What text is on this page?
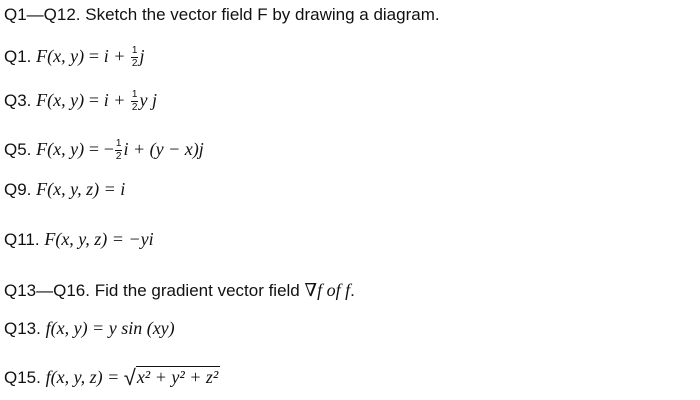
Q1—Q12. Sketch the vector field F by drawing a diagram.
Q1. F(x, $y) = i + \frac{1}{2}$ j
Q3. F(x, $y) = i + \frac{1}{2}$ y j
Q5. F(x, y) = − $\frac{1}{2}$ i + (y − x)j
Q9. F(x, y, z) = i
Q11. F(x, y, z) = −yi
Q13—Q16. Fid the gradient vector field ∇f of f.
Q13. f(x, y) = y sin (xy)
Q15. f(x, y, z) = √x² + y² + z²
